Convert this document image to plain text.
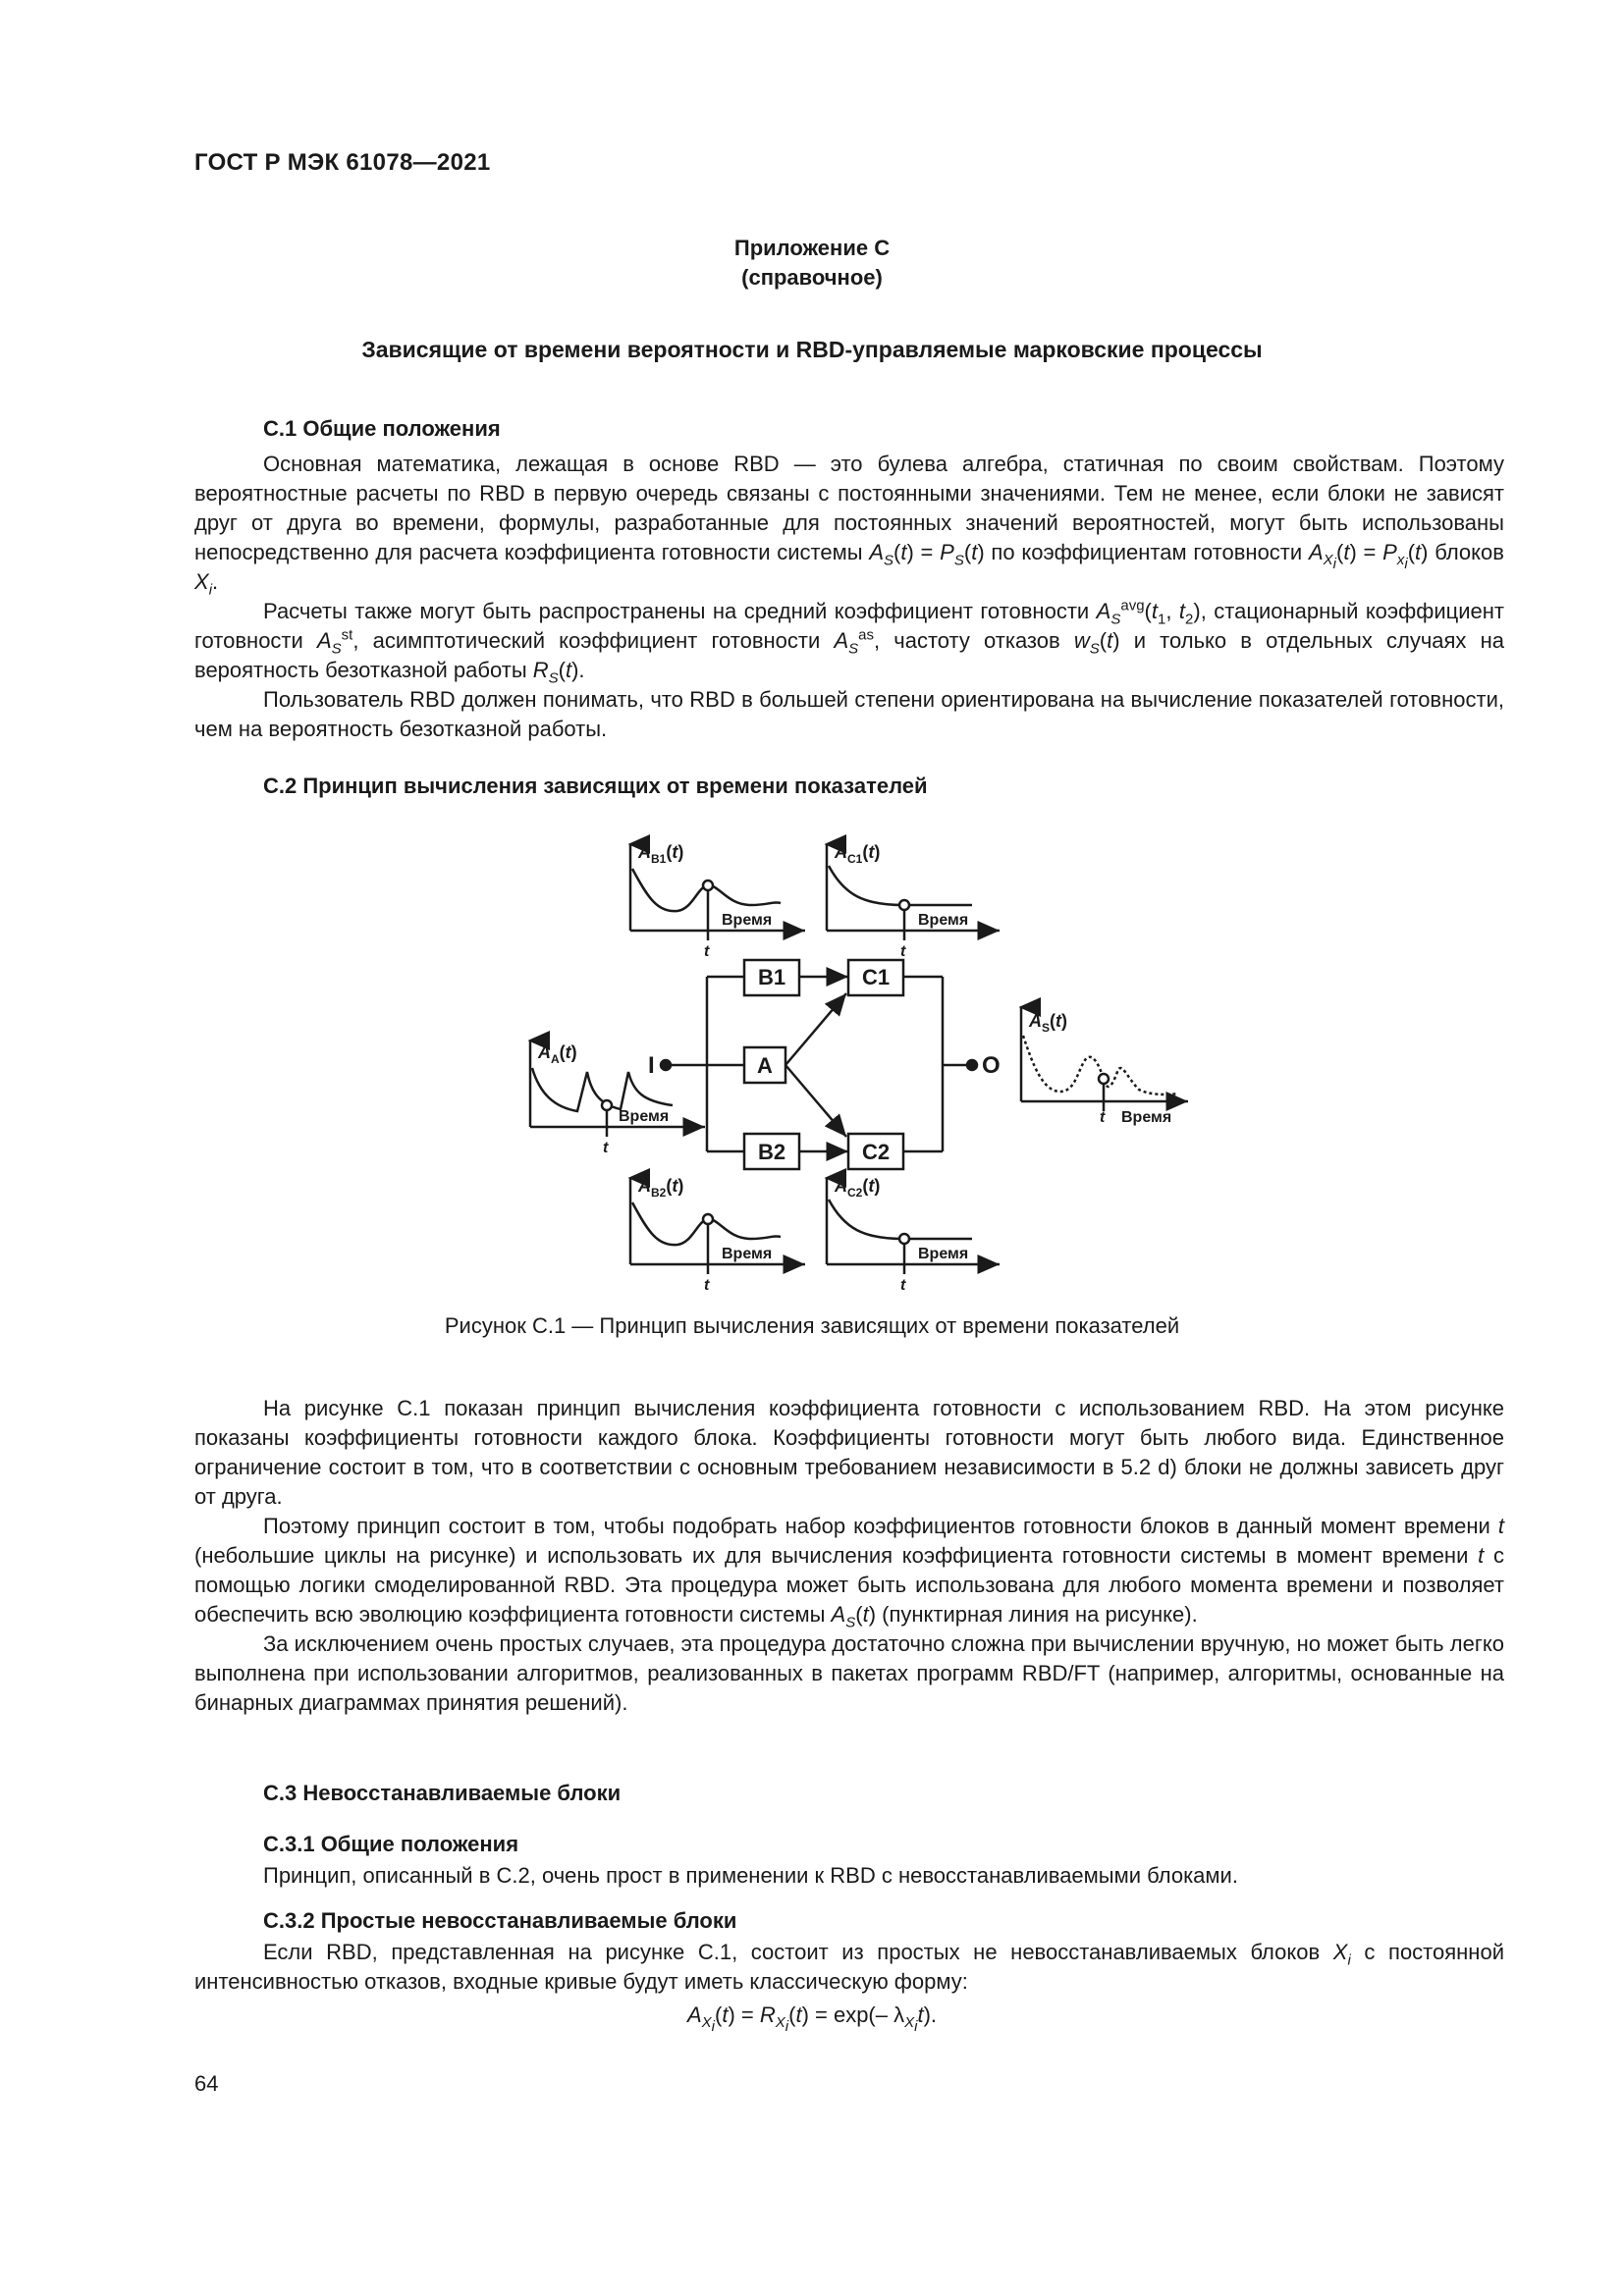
ГОСТ Р МЭК 61078—2021
Приложение С
(справочное)
Зависящие от времени вероятности и RBD-управляемые марковские процессы
С.1 Общие положения

Основная математика, лежащая в основе RBD — это булева алгебра, статичная по своим свойствам. Поэтому вероятностные расчеты по RBD в первую очередь связаны с постоянными значениями. Тем не менее, если блоки не зависят друг от друга во времени, формулы, разработанные для постоянных значений вероятностей, могут быть использованы непосредственно для расчета коэффициента готовности системы $A_S(t) = P_S(t)$ по коэффициентам готовности $A_{X_i}(t) = P_{x_i}(t)$ блоков $X_i$.

Расчеты также могут быть распространены на средний коэффициент готовности $A_S^{avg}(t_1$, $t_2$), стационарный коэффициент готовности $A_S^{st}$, асимптотический коэффициент готовности $A_S^{as}$, частоту отказов $w_S(t)$ и только в отдельных случаях на вероятность безотказной работы $R_S(t)$.

Пользователь RBD должен понимать, что RBD в большей степени ориентирована на вычисление показателей готовности, чем на вероятность безотказной работы.

С.2 Принцип вычисления зависящих от времени показателей
B1	C1
A
B2	C2
I	O
$A_{B1}(t)$	$A_{C1}(t)$
$A_A(t)$
$A_{B2}(t)$	$A_{C2}(t)$
$A_S(t)$
Время	Время
Время
Время	Время
Время
t	t
t
t	t
t
Рисунок С.1 — Принцип вычисления зависящих от времени показателей

На рисунке С.1 показан принцип вычисления коэффициента готовности с использованием RBD. На этом рисунке показаны коэффициенты готовности каждого блока. Коэффициенты готовности могут быть любого вида. Единственное ограничение состоит в том, что в соответствии с основным требованием независимости в 5.2 d) блоки не должны зависеть друг от друга.

Поэтому принцип состоит в том, чтобы подобрать набор коэффициентов готовности блоков в данный момент времени t (небольшие циклы на рисунке) и использовать их для вычисления коэффициента готовности системы в момент времени t с помощью логики смоделированной RBD. Эта процедура может быть использована для любого момента времени и позволяет обеспечить всю эволюцию коэффициента готовности системы $A_S(t)$ (пунктирная линия на рисунке).

За исключением очень простых случаев, эта процедура достаточно сложна при вычислении вручную, но может быть легко выполнена при использовании алгоритмов, реализованных в пакетах программ RBD/FT (например, алгоритмы, основанные на бинарных диаграммах принятия решений).

С.3 Невосстанавливаемые блоки
С.3.1 Общие положения

Принцип, описанный в С.2, очень прост в применении к RBD с невосстанавливаемыми блоками.

С.3.2 Простые невосстанавливаемые блоки

Если RBD, представленная на рисунке С.1, состоит из простых не невосстанавливаемых блоков $X_i$ с постоянной интенсивностью отказов, входные кривые будут иметь классическую форму:

$A_{X_i}(t) = R_{X_i}(t) = \exp(-$ $\lambda_{X_i}t$).
64
